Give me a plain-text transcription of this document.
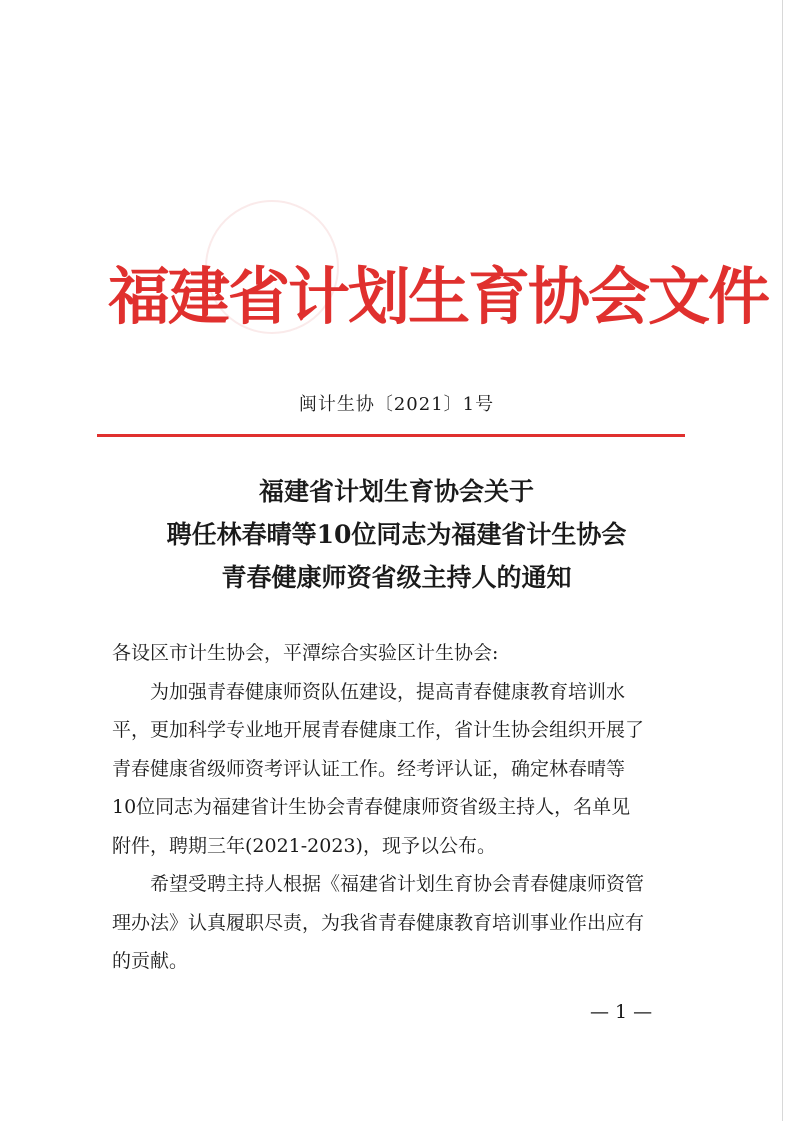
福建省计划生育协会文件
闽计生协〔2021〕1号
福建省计划生育协会关于
聘任林春晴等10位同志为福建省计生协会
青春健康师资省级主持人的通知

各设区市计生协会，平潭综合实验区计生协会:

为加强青春健康师资队伍建设，提高青春健康教育培训水

平，更加科学专业地开展青春健康工作，省计生协会组织开展了

青春健康省级师资考评认证工作。经考评认证，确定林春晴等

10位同志为福建省计生协会青春健康师资省级主持人，名单见

附件，聘期三年(2021-2023)，现予以公布。

希望受聘主持人根据《福建省计划生育协会青春健康师资管

理办法》认真履职尽责，为我省青春健康教育培训事业作出应有

的贡献。

— 1 —
